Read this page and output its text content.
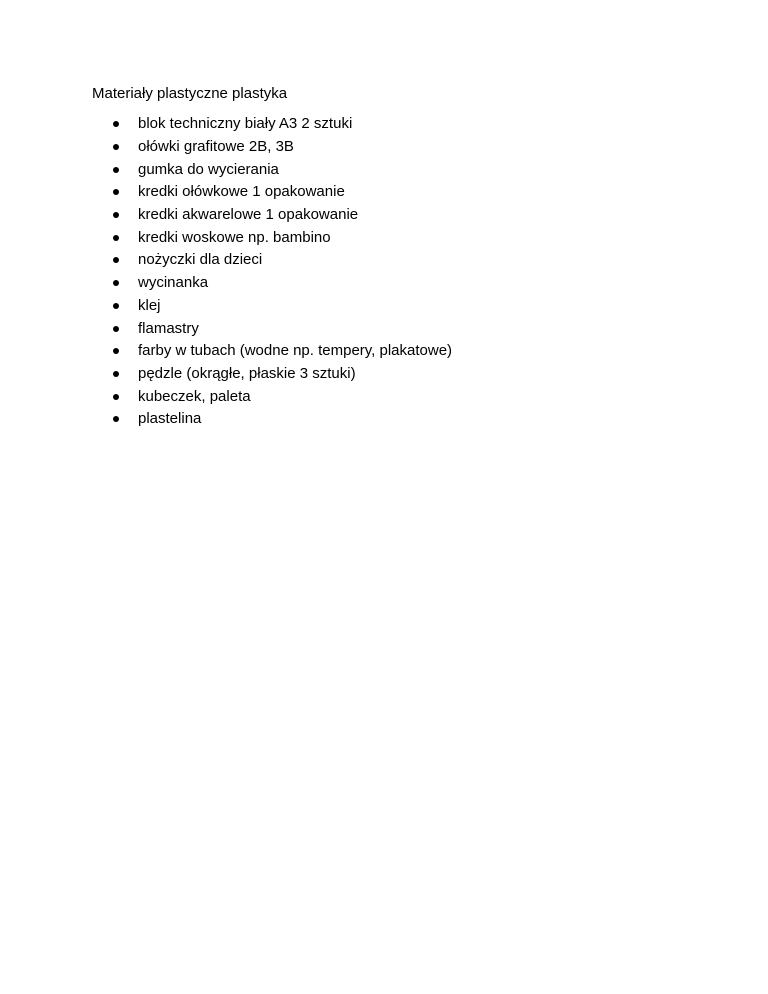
Materiały plastyczne plastyka
blok techniczny biały A3 2 sztuki
ołówki grafitowe 2B, 3B
gumka do wycierania
kredki ołówkowe 1 opakowanie
kredki akwarelowe 1 opakowanie
kredki woskowe np. bambino
nożyczki dla dzieci
wycinanka
klej
flamastry
farby w tubach (wodne np. tempery, plakatowe)
pędzle (okrągłe, płaskie 3 sztuki)
kubeczek, paleta
plastelina
